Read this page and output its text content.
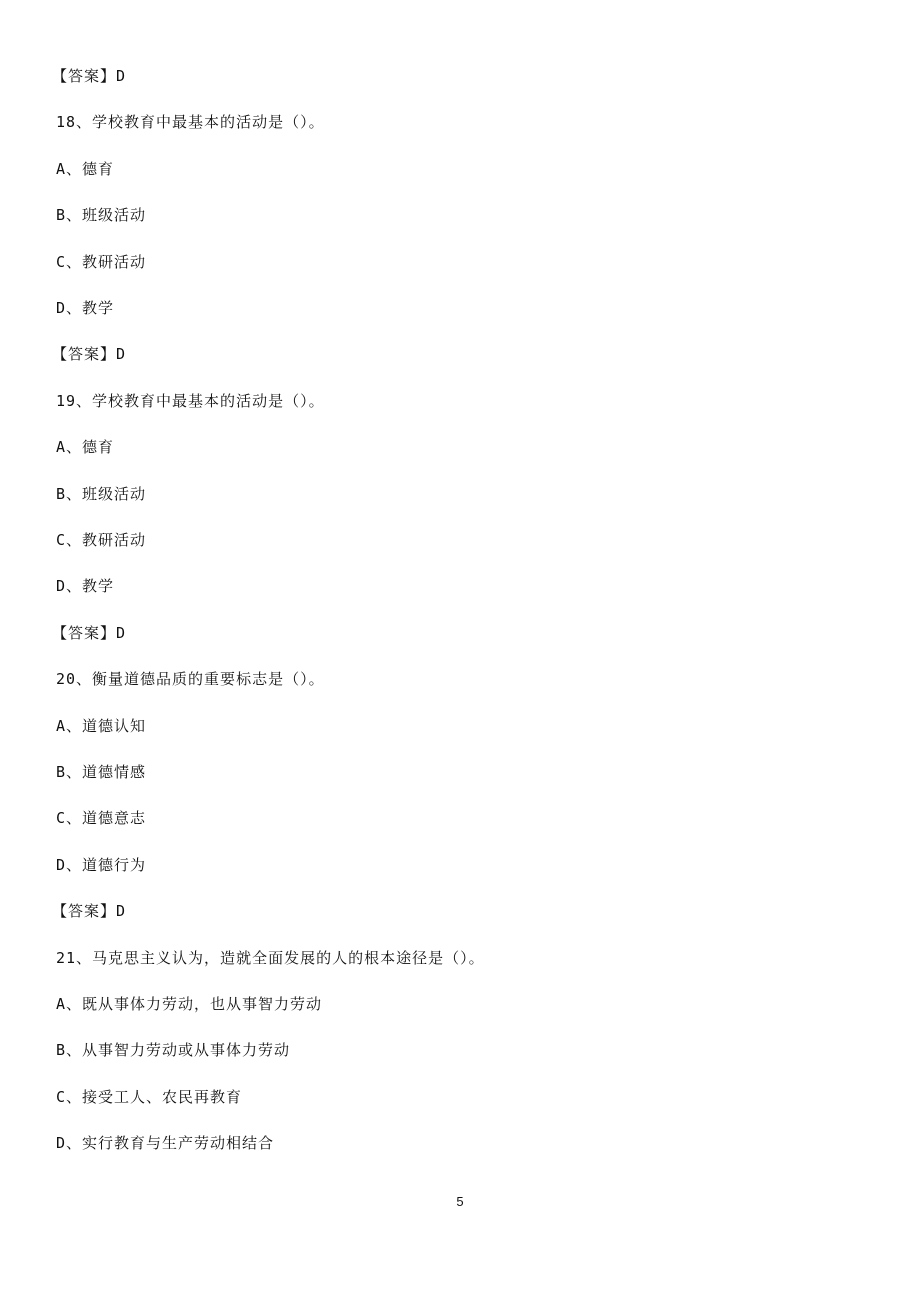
【答案】D
18、学校教育中最基本的活动是（）。
A、德育
B、班级活动
C、教研活动
D、教学
【答案】D
19、学校教育中最基本的活动是（）。
A、德育
B、班级活动
C、教研活动
D、教学
【答案】D
20、衡量道德品质的重要标志是（）。
A、道德认知
B、道德情感
C、道德意志
D、道德行为
【答案】D
21、马克思主义认为，造就全面发展的人的根本途径是（）。
A、既从事体力劳动，也从事智力劳动
B、从事智力劳动或从事体力劳动
C、接受工人、农民再教育
D、实行教育与生产劳动相结合
5
